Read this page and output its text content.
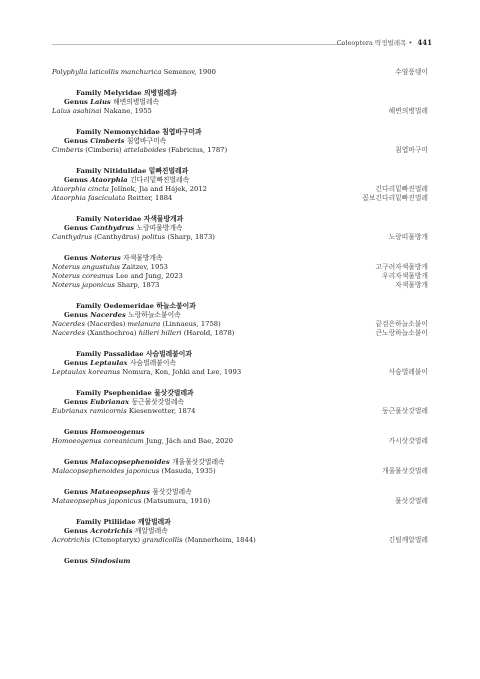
Coleoptera 딱정벌레목 • 441
Polyphylla laticollis manchurica Semenov, 1900	수염풍뎅이
Family Melyridae 의병벌레과
Genus Laius 해변의병벌레속
Laius asahinai Nakane, 1955	해변의병벌레
Family Nemonychidae 침엽바구미과
Genus Cimberis 침엽바구미속
Cimberis (Cimberis) attelaboides (Fabricius, 1787)	침엽바구미
Family Nitidulidae 밑빠진벌레과
Genus Ataorphia 긴다리밑빠진벌레속
Ataorphia cincta Jelínek, Jia and Hájek, 2012	긴다리밑빠진벌레
Ataorphia fasciculata Reitter, 1884	꼽보긴다리밑빠진벌레
Family Noteridae 자색물방개과
Genus Canthydrus 노랑띠물방개속
Canthydrus (Canthydrus) politus (Sharp, 1873)	노랑띠물방개
Genus Noterus 자색물방개속
Noterus angustulus Zaitzev, 1953	고구려자색물방개
Noterus coreanus Lee and Jung, 2023	우리자색물방개
Noterus japonicus Sharp, 1873	자색물방개
Family Oedemeridae 하늘소붙이과
Genus Nacerdes 노랑하늘소붙이속
Nacerdes (Nacerdes) melanura (Linnaeus, 1758)	끝검은하늘소붙이
Nacerdes (Xanthochroa) hilleri hilleri (Harold, 1878)	큰노랑하늘소붙이
Family Passalidae 사슴벌레붙이과
Genus Leptaulax 사슴벌레붙이속
Leptaulax koreanus Nomura, Kon, Johki and Lee, 1993	사슴벌레붙이
Family Psephenidae 물삿갓벌레과
Genus Eubrianax 둥근물삿갓벌레속
Eubrianax ramicornis Kiesenwetter, 1874	둥근물삿갓벌레
Genus Homoeogenus
Homoeogenus coreanicum Jung, Jäch and Bae, 2020	가시삿갓벌레
Genus Malacopsephenoides 개울물삿갓벌레속
Malacopsephenoides japonicus (Masuda, 1935)	개울물삿갓벌레
Genus Mataeopsephus 물삿갓벌레속
Mataeopsephus japonicus (Matsumura, 1916)	물삿갓벌레
Family Ptiliidae 깨알벌레과
Genus Acrotrichis 깨알벌레속
Acrotrichis (Ctenopteryx) grandicollis (Mannerheim, 1844)	긴털깨알벌레
Genus Sindosium
